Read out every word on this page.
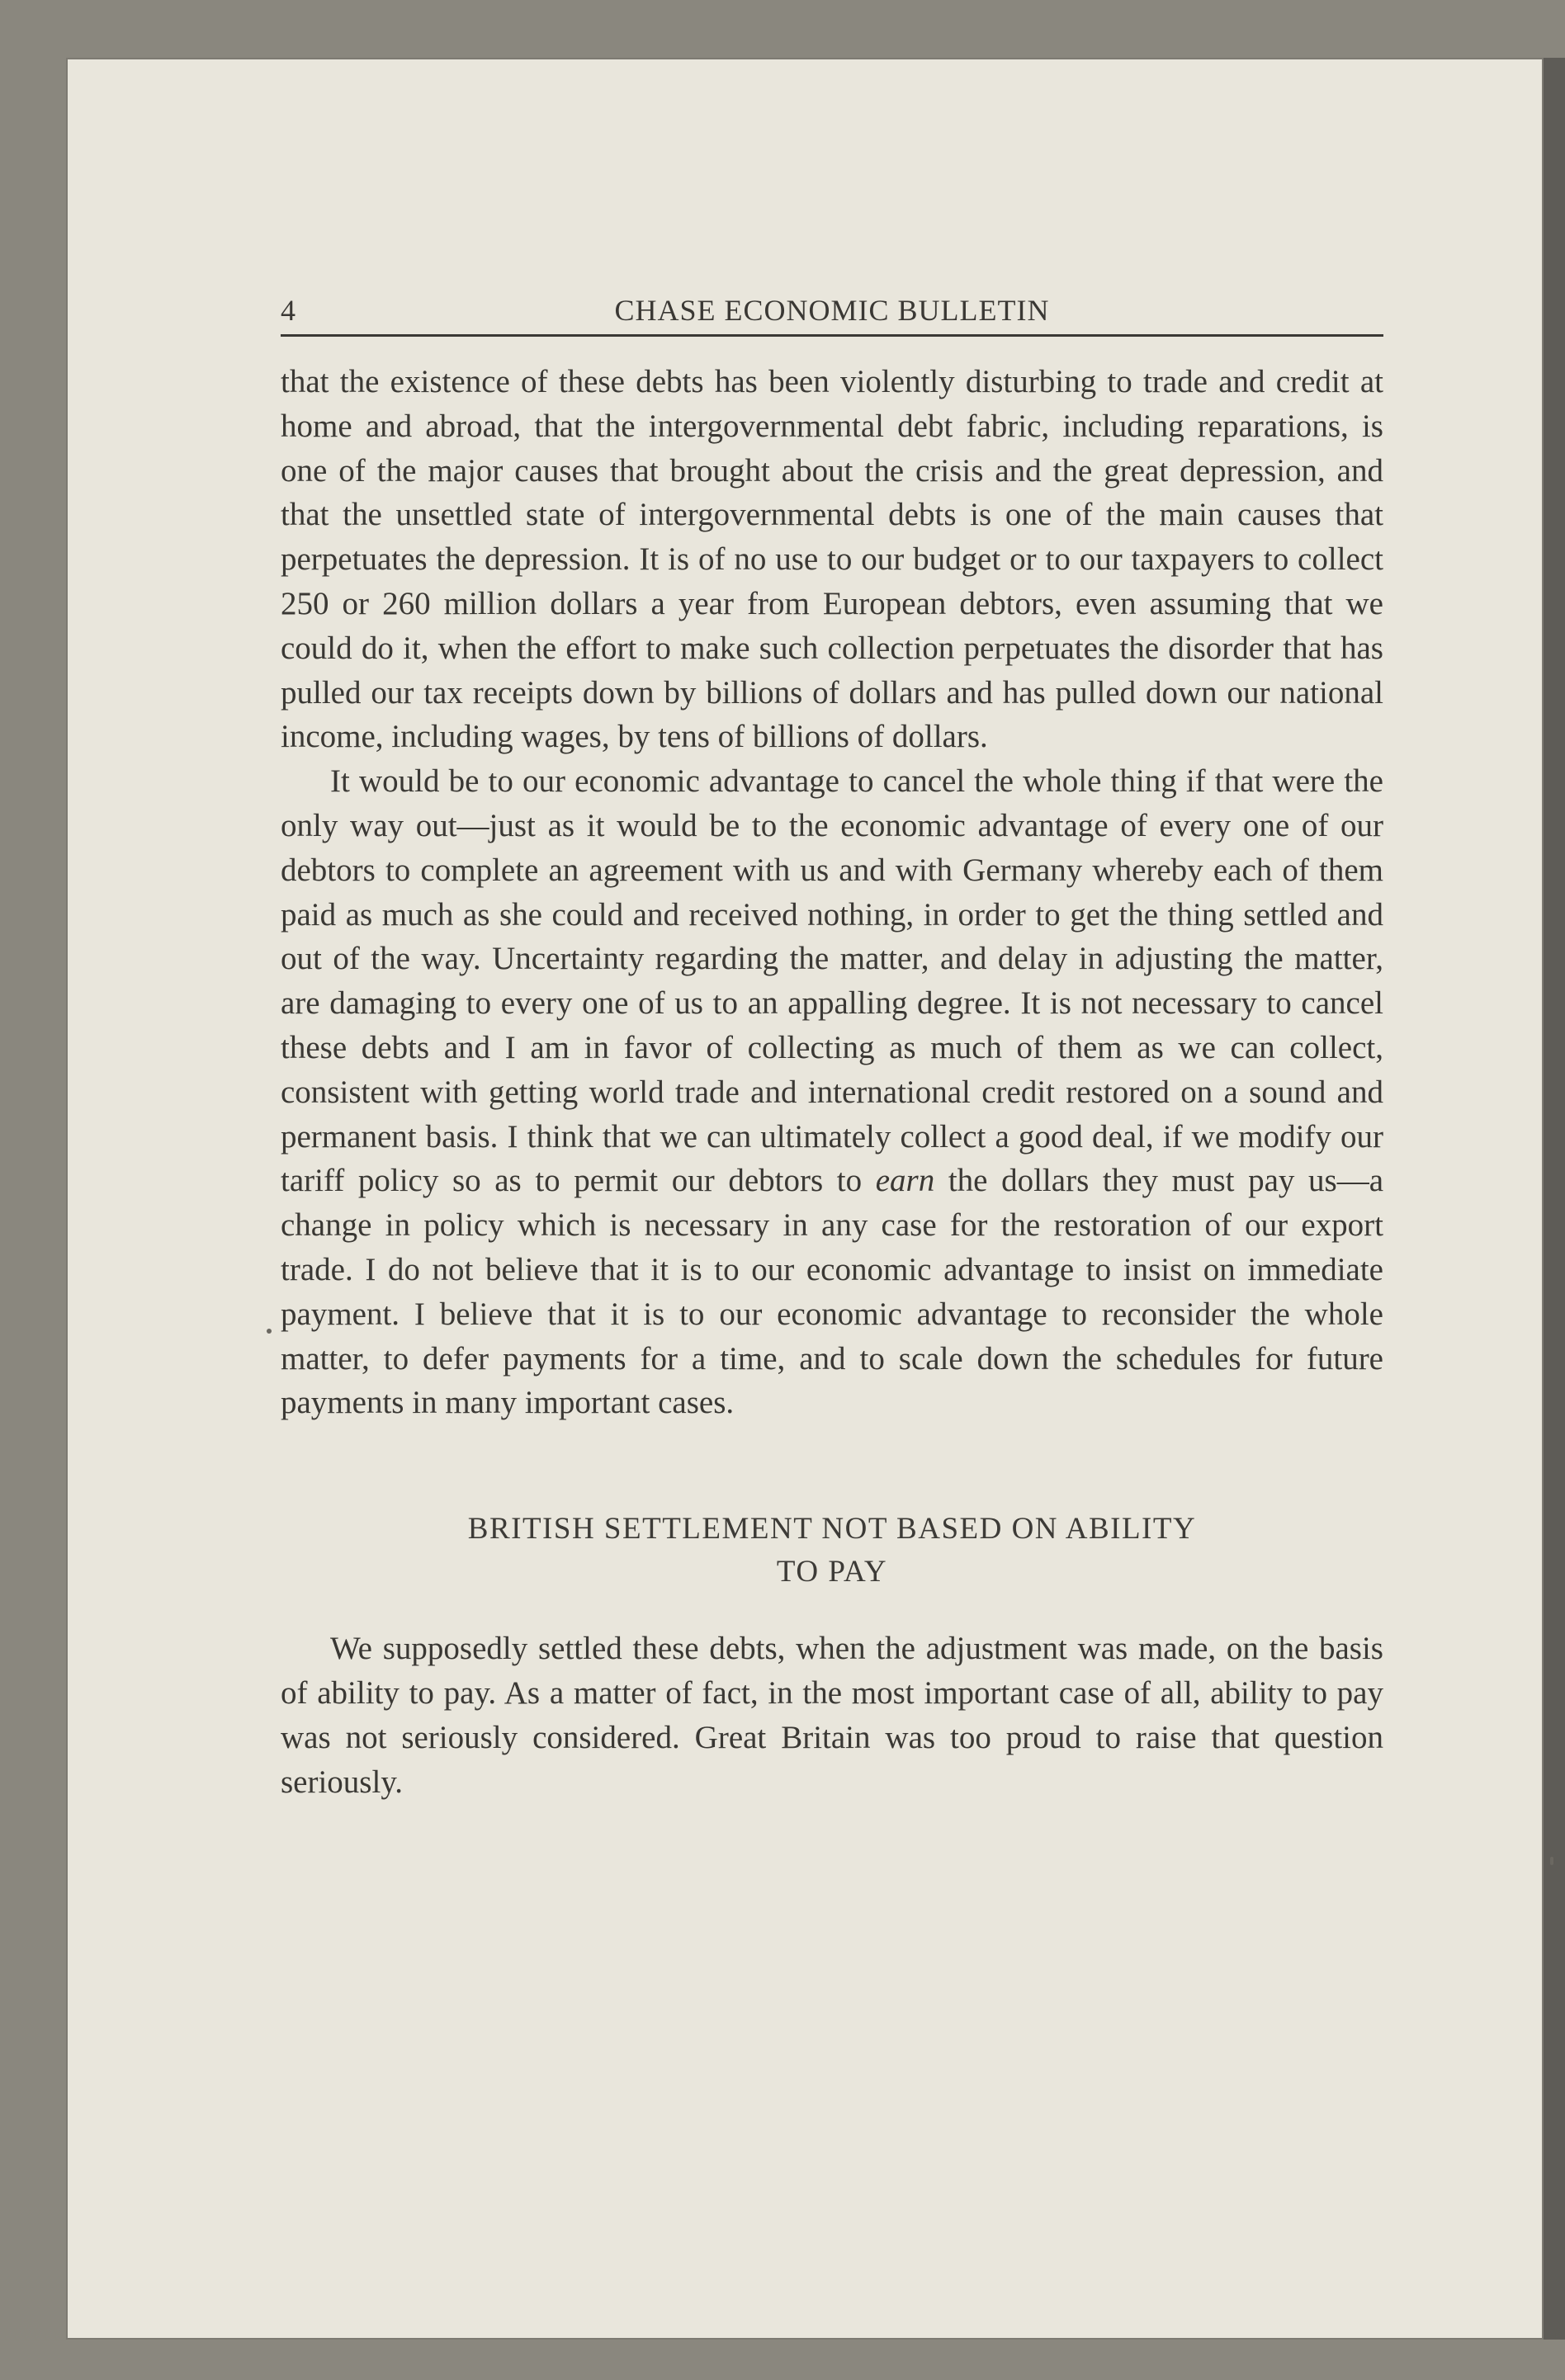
4	CHASE ECONOMIC BULLETIN

that the existence of these debts has been violently disturbing to trade and credit at home and abroad, that the intergovernmental debt fabric, including reparations, is one of the major causes that brought about the crisis and the great depression, and that the unsettled state of intergovernmental debts is one of the main causes that perpetuates the depression. It is of no use to our budget or to our taxpayers to collect 250 or 260 million dollars a year from European debtors, even assuming that we could do it, when the effort to make such collection perpetuates the disorder that has pulled our tax receipts down by billions of dollars and has pulled down our national income, including wages, by tens of billions of dollars.

It would be to our economic advantage to cancel the whole thing if that were the only way out—just as it would be to the economic advantage of every one of our debtors to complete an agreement with us and with Germany whereby each of them paid as much as she could and received nothing, in order to get the thing settled and out of the way. Uncertainty regarding the matter, and delay in adjusting the matter, are damaging to every one of us to an appalling degree. It is not necessary to cancel these debts and I am in favor of collecting as much of them as we can collect, consistent with getting world trade and international credit restored on a sound and permanent basis. I think that we can ultimately collect a good deal, if we modify our tariff policy so as to permit our debtors to earn the dollars they must pay us—a change in policy which is necessary in any case for the restoration of our export trade. I do not believe that it is to our economic advantage to insist on immediate payment. I believe that it is to our economic advantage to reconsider the whole matter, to defer payments for a time, and to scale down the schedules for future payments in many important cases.

BRITISH SETTLEMENT NOT BASED ON ABILITY
TO PAY

We supposedly settled these debts, when the adjustment was made, on the basis of ability to pay. As a matter of fact, in the most important case of all, ability to pay was not seriously considered. Great Britain was too proud to raise that question seriously.
